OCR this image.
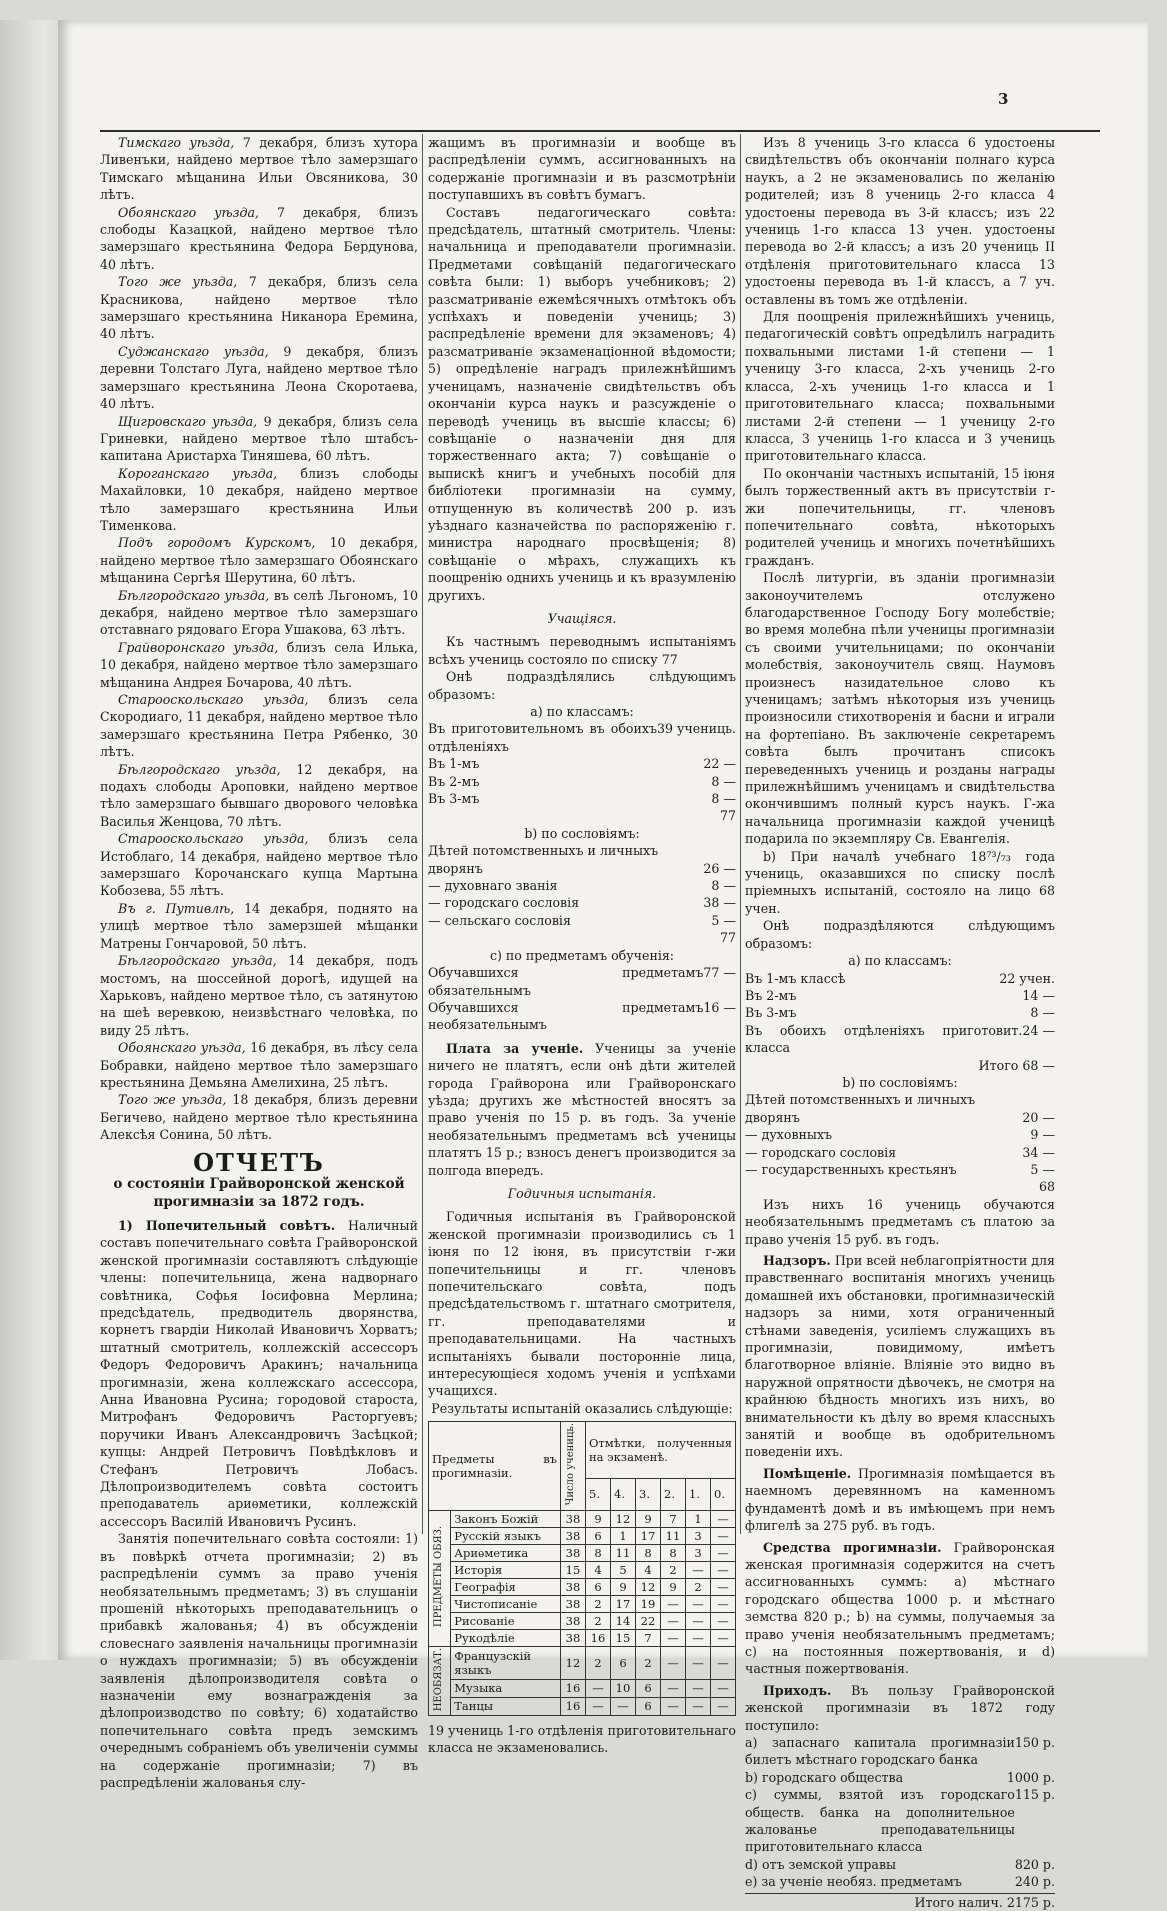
3

Тимскаго уѣзда, 7 декабря, близъ хутора Ливенъки, найдено мертвое тѣло замерзшаго Тимскаго мѣщанина Ильи Овсяникова, 30 лѣтъ.

Обоянскаго уѣзда, 7 декабря, близъ слободы Казацкой, найдено мертвое тѣло замерзшаго крестьянина Федора Бердунова, 40 лѣтъ.

Того же уѣзда, 7 декабря, близъ села Красникова, найдено мертвое тѣло замерзшаго крестьянина Никанора Еремина, 40 лѣтъ.

Суджанскаго уѣзда, 9 декабря, близъ деревни Толстаго Луга, найдено мертвое тѣло замерзшаго крестьянина Леона Скоротаева, 40 лѣтъ.

Щигровскаго уѣзда, 9 декабря, близъ села Гриневки, найдено мертвое тѣло штабсъ-капитана Аристарха Тиняшева, 60 лѣтъ.

Короганскаго уѣзда, близъ слободы Махайловки, 10 декабря, найдено мертвое тѣло замерзшаго крестьянина Ильи Тименкова.

Подъ городомъ Курскомъ, 10 декабря, найдено мертвое тѣло замерзшаго Обоянскаго мѣщанина Сергѣя Шерутина, 60 лѣтъ.

Бѣлгородскаго уѣзда, въ селѣ Льгономъ, 10 декабря, найдено мертвое тѣло замерзшаго отставнаго рядоваго Егора Ушакова, 63 лѣтъ.

Грайворонскаго уѣзда, близъ села Илька, 10 декабря, найдено мертвое тѣло замерзшаго мѣщанина Андрея Бочарова, 40 лѣтъ.

Старооскольскаго уѣзда, близъ села Скородиаго, 11 декабря, найдено мертвое тѣло замерзшаго крестьянина Петра Рябенко, 30 лѣтъ.

Бѣлгородскаго уѣзда, 12 декабря, на подахъ слободы Ароповки, найдено мертвое тѣло замерзшаго бывшаго дворового человѣка Василья Женцова, 70 лѣтъ.

Старооскольскаго уѣзда, близъ села Истоблаго, 14 декабря, найдено мертвое тѣло замерзшаго Корочанскаго купца Мартына Кобозева, 55 лѣтъ.

Въ г. Путивлѣ, 14 декабря, поднято на улицѣ мертвое тѣло замерзшей мѣщанки Матрены Гончаровой, 50 лѣтъ.

Бѣлгородскаго уѣзда, 14 декабря, подъ мостомъ, на шоссейной дорогѣ, идущей на Харьковъ, найдено мертвое тѣло, съ затянутою на шеѣ веревкою, неизвѣстнаго человѣка, по виду 25 лѣтъ.

Обоянскаго уѣзда, 16 декабря, въ лѣсу села Бобравки, найдено мертвое тѣло замерзшаго крестьянина Демьяна Амелихина, 25 лѣтъ.

Того же уѣзда, 18 декабря, близъ деревни Бегичево, найдено мертвое тѣло крестьянина Алексѣя Сонина, 50 лѣтъ.

ОТЧЕТЪ
о состояніи Грайворонской женской прогимназіи за 1872 годъ.

1) Попечительный совѣтъ. Наличный составъ попечительнаго совѣта Грайворонской женской прогимназіи составляютъ слѣдующіе члены: попечительница, жена надворнаго совѣтника, Софья Іосифовна Мерлина; предсѣдатель, предводитель дворянства, корнетъ гвардіи Николай Ивановичъ Хорватъ; штатный смотритель, коллежскій ассессоръ Федоръ Федоровичъ Аракинъ; начальница прогимназіи, жена коллежскаго ассессора, Анна Ивановна Русина; городовой староста, Митрофанъ Федоровичъ Расторгуевъ; поручики Иванъ Александровичъ Засѣцкой; купцы: Андрей Петровичъ Повѣдѣкловъ и Стефанъ Петровичъ Лобасъ. Дѣлопроизводителемъ совѣта состоитъ преподаватель ариѳметики, коллежскій ассессоръ Василій Ивановичъ Русинъ.

Занятія попечительнаго совѣта состояли: 1) въ повѣркѣ отчета прогимназіи; 2) въ распредѣленіи суммъ за право ученія необязательнымъ предметамъ; 3) въ слушаніи прошеній нѣкоторыхъ преподавательницъ о прибавкѣ жалованья; 4) въ обсужденіи словеснаго заявленія начальницы прогимназіи о нуждахъ прогимназіи; 5) въ обсужденіи заявленія дѣлопроизводителя совѣта о назначеніи ему вознагражденія за дѣлопроизводство по совѣту; 6) ходатайство попечительнаго совѣта предъ земскимъ очереднымъ собраніемъ объ увеличеніи суммы на содержаніе прогимназіи; 7) въ распредѣленіи жалованья слу-

жащимъ въ прогимназіи и вообще въ распредѣленіи суммъ, ассигнованныхъ на содержаніе прогимназіи и въ разсмотрѣніи поступавшихъ въ совѣтъ бумагъ.

Составъ педагогическаго совѣта: предсѣдатель, штатный смотритель. Члены: начальница и преподаватели прогимназіи. Предметами совѣщаній педагогическаго совѣта были: 1) выборъ учебниковъ; 2) разсматриваніе ежемѣсячныхъ отмѣтокъ объ успѣхахъ и поведеніи учениць; 3) распредѣленіе времени для экзаменовъ; 4) разсматриваніе экзаменаціонной вѣдомости; 5) опредѣленіе наградъ прилежнѣйшимъ ученицамъ, назначеніе свидѣтельствъ объ окончаніи курса наукъ и разсужденіе о переводѣ учениць въ высшіе классы; 6) совѣщаніе о назначеніи дня для торжественнаго акта; 7) совѣщаніе о выпискѣ книгъ и учебныхъ пособій для библіотеки прогимназіи на сумму, отпущенную въ количествѣ 200 р. изъ уѣзднаго казначейства по распоряженію г. министра народнаго просвѣщенія; 8) совѣщаніе о мѣрахъ, служащихъ къ поощренію однихъ учениць и къ вразумленію другихъ.

Учащіяся.

Къ частнымъ переводнымъ испытаніямъ всѣхъ учениць состояло по списку 77

Онѣ подраздѣлялись слѣдующимъ образомъ:

а) по классамъ:

Въ приготовительномъ въ обоихъ отдѣленіяхъ
39 учениць.
Въ 1-мъ	22 —
Въ 2-мъ	8 —
Въ 3-мъ	8 —
77

b) по сословіямъ:

Дѣтей потомственныхъ и личныхъ

дворянъ	26 —
— духовнаго званія	8 —
— городскаго сословія	38 —
— сельскаго сословія	5 —
77

c) по предметамъ обученія:

Обучавшихся предметамъ обязательнымъ
77 —
Обучавшихся предметамъ необязательнымъ
16 —

Плата за ученіе. Ученицы за ученіе ничего не платятъ, если онѣ дѣти жителей города Грайворона или Грайворонскаго уѣзда; другихъ же мѣстностей вносятъ за право ученія по 15 р. въ годъ. За ученіе необязательнымъ предметамъ всѣ ученицы платятъ 15 р.; взносъ денегъ производится за полгода впередъ.

Годичныя испытанія.

Годичныя испытанія въ Грайворонской женской прогимназіи производились съ 1 іюня по 12 іюня, въ присутствіи г-жи попечительницы и гг. членовъ попечительскаго совѣта, подъ предсѣдательствомъ г. штатнаго смотрителя, гг. преподавателями и преподавательницами. На частныхъ испытаніяхъ бывали посторонніе лица, интересующіеся ходомъ ученія и успѣхами учащихся.

Результаты испытаній оказались слѣдующіе:

Предметы въ прогимназіи.		Число учениць.	Отмѣтки, полученныя на экзаменѣ.					
			5.	4.	3.	2.	1.	0.
ПРЕДМЕТЫ ОБЯЗ.	Законъ Божій	38	9	12	9	7	1	—
	Русскій языкъ	38	6	1	17	11	3	—
	Ариѳметика	38	8	11	8	8	3	—
	Исторія	15	4	5	4	2	—	—
	Географія	38	6	9	12	9	2	—
	Чистописаніе	38	2	17	19	—	—	—
	Рисованіе	38	2	14	22	—	—	—
	Рукодѣліе	38	16	15	7	—	—	—
НЕОБЯЗАТ.	Французскій языкъ	12	2	6	2	—	—	—
	Музыка	16	—	10	6	—	—	—
	Танцы	16	—	—	6	—	—	—

19 учениць 1-го отдѣленія приготовительнаго класса не экзаменовались.

Изъ 8 учениць 3-го класса 6 удостоены свидѣтельствъ объ окончаніи полнаго курса наукъ, а 2 не экзаменовались по желанію родителей; изъ 8 учениць 2-го класса 4 удостоены перевода въ 3-й классъ; изъ 22 учениць 1-го класса 13 учен. удостоены перевода во 2-й классъ; а изъ 20 учениць II отдѣленія приготовительнаго класса 13 удостоены перевода въ 1-й классъ, а 7 уч. оставлены въ томъ же отдѣленіи.

Для поощренія прилежнѣйшихъ учениць, педагогическій совѣтъ опредѣлилъ наградить похвальными листами 1-й степени — 1 ученицу 3-го класса, 2-хъ учениць 2-го класса, 2-хъ учениць 1-го класса и 1 приготовительнаго класса; похвальными листами 2-й степени — 1 ученицу 2-го класса, 3 учениць 1-го класса и 3 учениць приготовительнаго класса.

По окончаніи частныхъ испытаній, 15 іюня былъ торжественный актъ въ присутствіи г-жи попечительницы, гг. членовъ попечительнаго совѣта, нѣкоторыхъ родителей учениць и многихъ почетнѣйшихъ гражданъ.

Послѣ литургіи, въ зданіи прогимназіи законоучителемъ отслужено благодарственное Господу Богу молебствіе; во время молебна пѣли ученицы прогимназіи съ своими учительницами; по окончаніи молебствія, законоучитель свящ. Наумовъ произнесъ назидательное слово къ ученицамъ; затѣмъ нѣкоторыя изъ учениць произносили стихотворенія и басни и играли на фортепіано. Въ заключеніе секретаремъ совѣта былъ прочитанъ списокъ переведенныхъ учениць и розданы награды прилежнѣйшимъ ученицамъ и свидѣтельства окончившимъ полный курсъ наукъ. Г-жа начальница прогимназіи каждой ученицѣ подарила по экземпляру Св. Евангелія.

b) При началѣ учебнаго 18⁷³/₇₃ года учениць, оказавшихся по списку послѣ пріемныхъ испытаній, состояло на лицо 68 учен.

Онѣ подраздѣляются слѣдующимъ образомъ:

а) по классамъ:

Въ 1-мъ классѣ	22 учен.
Въ 2-мъ	14 —
Въ 3-мъ	8 —
Въ обоихъ отдѣленіяхъ приготовит. класса
24 —
Итого 68 —

b) по сословіямъ:

Дѣтей потомственныхъ и личныхъ

дворянъ	20 —
— духовныхъ	9 —
— городскаго сословія	34 —
— государственныхъ крестьянъ	5 —
68

Изъ нихъ 16 учениць обучаются необязательнымъ предметамъ съ платою за право ученія 15 руб. въ годъ.

Надзоръ. При всей неблагопріятности для правственнаго воспитанія многихъ учениць домашней ихъ обстановки, прогимназическій надзоръ за ними, хотя ограниченный стѣнами заведенія, усиліемъ служащихъ въ прогимназіи, повидимому, имѣетъ благотворное вліяніе. Вліяніе это видно въ наружной опрятности дѣвочекъ, не смотря на крайнюю бѣдность многихъ изъ нихъ, во внимательности къ дѣлу во время классныхъ занятій и вообще въ одобрительномъ поведеніи ихъ.

Помѣщеніе. Прогимназія помѣщается въ наемномъ деревянномъ на каменномъ фундаментѣ домѣ и въ имѣющемъ при немъ флигелѣ за 275 руб. въ годъ.

Средства прогимназіи. Грайворонская женская прогимназія содержится на счетъ ассигнованныхъ суммъ: а) мѣстнаго городскаго общества 1000 р. и мѣстнаго земства 820 р.; b) на суммы, получаемыя за право ученія необязательнымъ предметамъ; с) на постоянныя пожертвованія, и d) частныя пожертвованія.

Приходъ. Въ пользу Грайворонской женской прогимназіи въ 1872 году поступило:

а) запаснаго капитала прогимназіи билетъ мѣстнаго городскаго банка
150 р.
b) городскаго общества	1000 р.
с) суммы, взятой изъ городскаго обществ. банка на дополнительное жалованье преподавательницы приготовительнаго класса
115 р.
d) отъ земской управы	820 р.
e) за ученіе необяз. предметамъ	240 р.
Итого налич. 2175 р.
